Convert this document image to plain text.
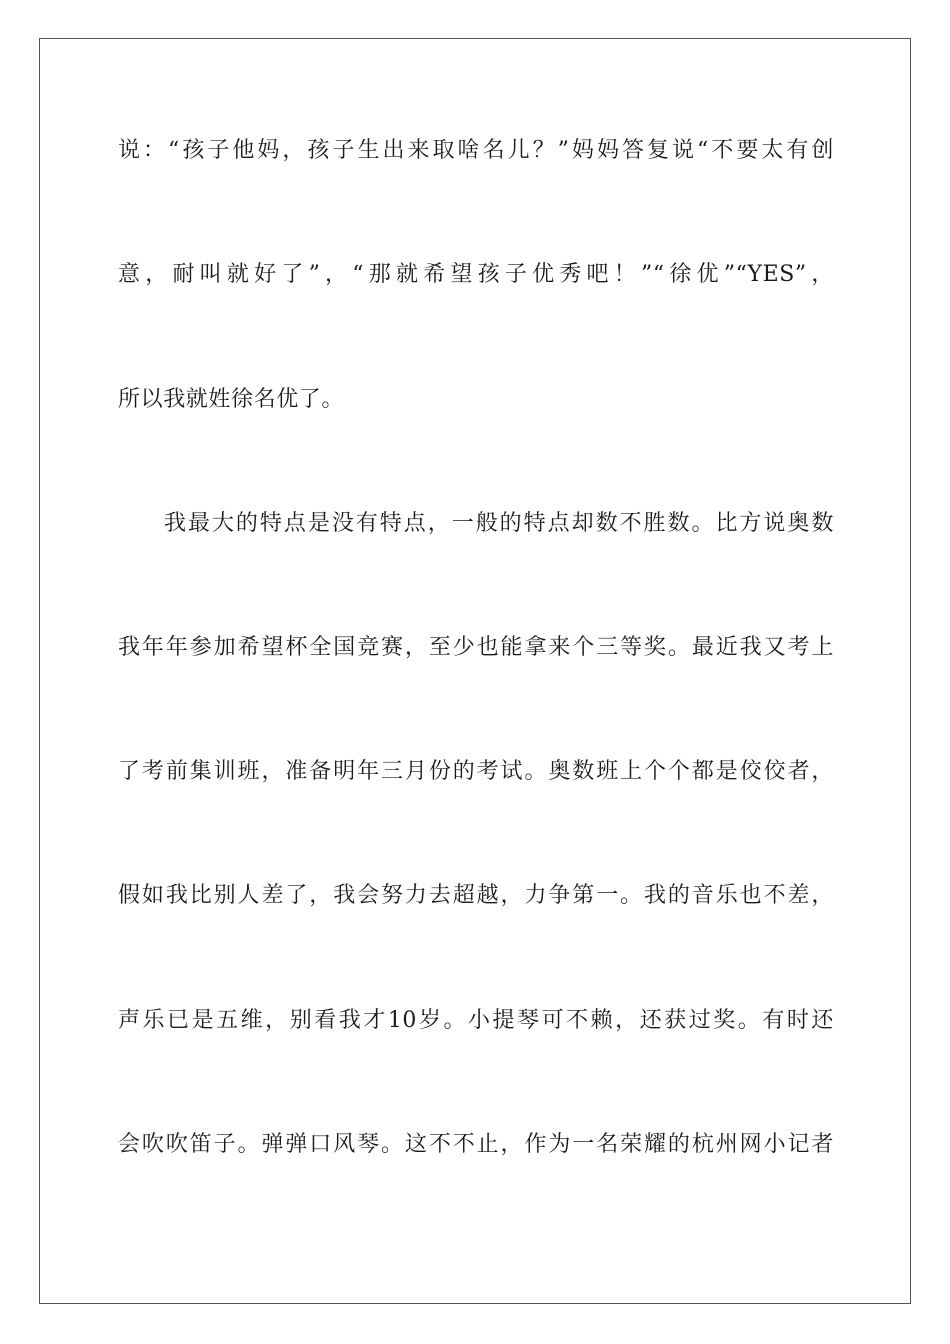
说：“孩子他妈，孩子生出来取啥名儿？”妈妈答复说“不要太有创
意，耐叫就好了”，“那就希望孩子优秀吧！”“徐优”“YES”，
所以我就姓徐名优了。
我最大的特点是没有特点，一般的特点却数不胜数。比方说奥数
我年年参加希望杯全国竞赛，至少也能拿来个三等奖。最近我又考上
了考前集训班，准备明年三月份的考试。奥数班上个个都是佼佼者，
假如我比别人差了，我会努力去超越，力争第一。我的音乐也不差，
声乐已是五维，别看我才10岁。小提琴可不赖，还获过奖。有时还
会吹吹笛子。弹弹口风琴。这不不止，作为一名荣耀的杭州网小记者
